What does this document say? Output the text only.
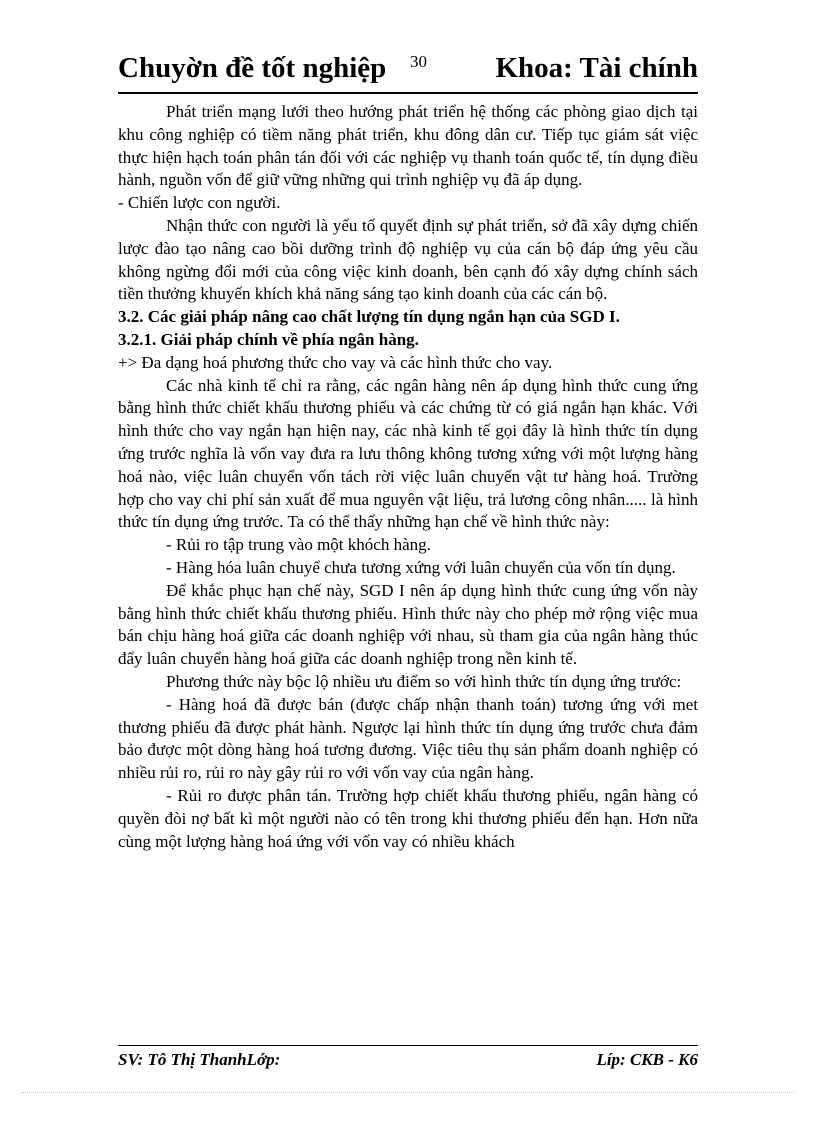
Chuyờn đề tốt nghiệp 30 Khoa: Tài chính

Phát triển mạng lưới theo hướng phát triển hệ thống các phòng giao dịch tại khu công nghiệp có tiềm năng phát triển, khu đông dân cư. Tiếp tục giám sát việc thực hiện hạch toán phân tán đối với các nghiệp vụ thanh toán quốc tế, tín dụng điều hành, nguồn vốn để giữ vững những qui trình nghiệp vụ đã áp dụng.

- Chiến lược con người.

Nhận thức con người là yếu tố quyết định sự phát triển, sở đã xây dựng chiến lược đào tạo nâng cao bồi dưỡng trình độ nghiệp vụ của cán bộ đáp ứng yêu cầu không ngừng đổi mới của công việc kinh doanh, bên cạnh đó xây dựng chính sách tiền thưởng khuyến khích khả năng sáng tạo kinh doanh của các cán bộ.

3.2. Các giải pháp nâng cao chất lượng tín dụng ngắn hạn của SGD I.

3.2.1. Giải pháp chính về phía ngân hàng.

+> Đa dạng hoá phương thức cho vay và các hình thức cho vay.

Các nhà kinh tế chỉ ra rằng, các ngân hàng nên áp dụng hình thức cung ứng bằng hình thức chiết khấu thương phiếu và các chứng từ có giá ngắn hạn khác. Với hình thức cho vay ngắn hạn hiện nay, các nhà kinh tế gọi đây là hình thức tín dụng ứng trước nghĩa là vốn vay đưa ra lưu thông không tương xứng với một lượng hàng hoá nào, việc luân chuyển vốn tách rời việc luân chuyển vật tư hàng hoá. Trường hợp cho vay chi phí sản xuất để mua nguyên vật liệu, trả lương công nhân..... là hình thức tín dụng ứng trước. Ta có thể thấy những hạn chế về hình thức này:

- Rủi ro tập trung vào một khóch hàng.

- Hàng hóa luân chuyể chưa tương xứng với luân chuyển của vốn tín dụng.

Để khắc phục hạn chế này, SGD I nên áp dụng hình thức cung ứng vốn này bằng hình thức chiết khấu thương phiếu. Hình thức này cho phép mở rộng việc mua bán chịu hàng hoá giữa các doanh nghiệp với nhau, sù tham gia của ngân hàng thúc đẩy luân chuyển hàng hoá giữa các doanh nghiệp trong nền kinh tế.

Phương thức này bộc lộ nhiều ưu điểm so với hình thức tín dụng ứng trước:

- Hàng hoá đã được bán (được chấp nhận thanh toán) tương ứng với met thương phiếu đã được phát hành. Ngược lại hình thức tín dụng ứng trước chưa đảm bảo được một dòng hàng hoá tương đương. Việc tiêu thụ sản phẩm doanh nghiệp có nhiều rủi ro, rủi ro này gây rủi ro với vốn vay của ngân hàng.

- Rủi ro được phân tán. Trường hợp chiết khấu thương phiếu, ngân hàng có quyền đòi nợ bất kì một người nào có tên trong khi thương phiếu đến hạn. Hơn nữa cùng một lượng hàng hoá ứng với vốn vay có nhiều khách

SV: Tô Thị ThanhLớp:	Líp: CKB - K6
